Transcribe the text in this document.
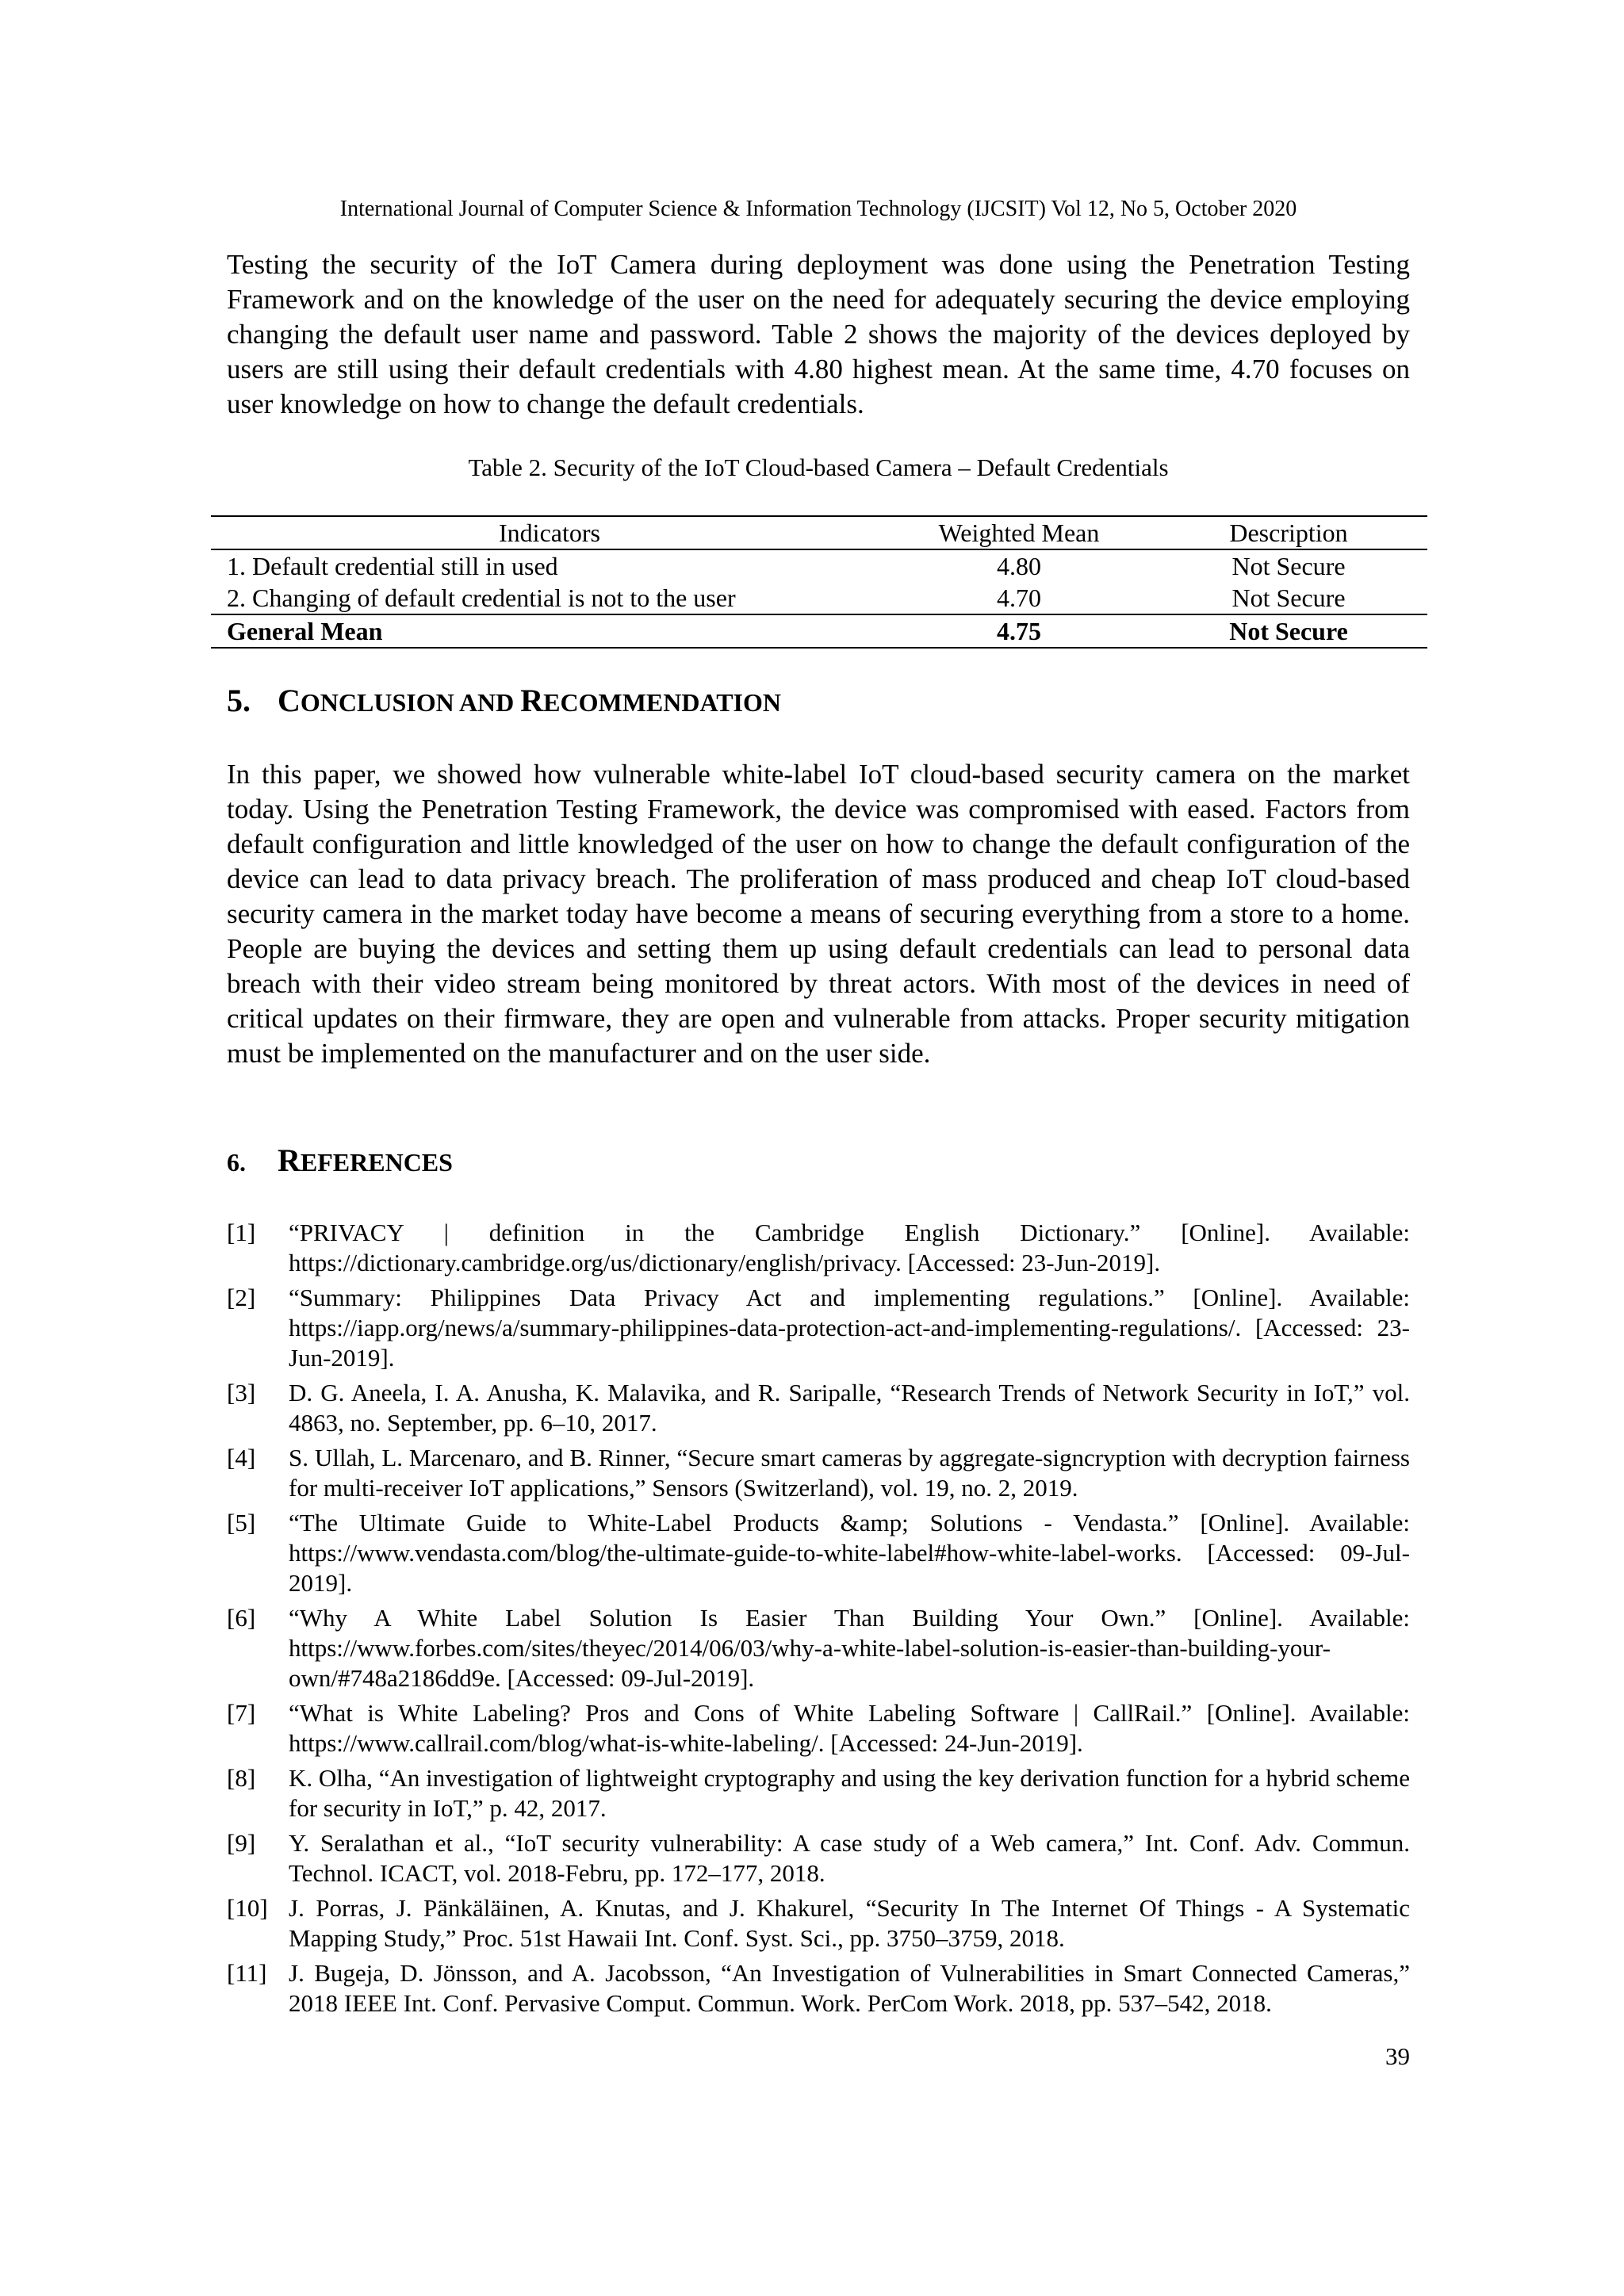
International Journal of Computer Science & Information Technology (IJCSIT) Vol 12, No 5, October 2020

Testing the security of the IoT Camera during deployment was done using the Penetration Testing Framework and on the knowledge of the user on the need for adequately securing the device employing changing the default user name and password. Table 2 shows the majority of the devices deployed by users are still using their default credentials with 4.80 highest mean. At the same time, 4.70 focuses on user knowledge on how to change the default credentials.

Table 2. Security of the IoT Cloud-based Camera – Default Credentials
Indicators	Weighted Mean	Description
1. Default credential still in used	4.80	Not Secure
2. Changing of default credential is not to the user	4.70	Not Secure
General Mean	4.75	Not Secure
5. CONCLUSION AND RECOMMENDATION

In this paper, we showed how vulnerable white-label IoT cloud-based security camera on the market today. Using the Penetration Testing Framework, the device was compromised with eased. Factors from default configuration and little knowledged of the user on how to change the default configuration of the device can lead to data privacy breach. The proliferation of mass produced and cheap IoT cloud-based security camera in the market today have become a means of securing everything from a store to a home. People are buying the devices and setting them up using default credentials can lead to personal data breach with their video stream being monitored by threat actors. With most of the devices in need of critical updates on their firmware, they are open and vulnerable from attacks. Proper security mitigation must be implemented on the manufacturer and on the user side.

6. REFERENCES
[1]	“PRIVACY | definition in the Cambridge English Dictionary.” [Online]. Available: https://dictionary.cambridge.org/us/dictionary/english/privacy. [Accessed: 23-Jun-2019].
[2]	“Summary: Philippines Data Privacy Act and implementing regulations.” [Online]. Available: https://iapp.org/news/a/summary-philippines-data-protection-act-and-implementing-regulations/. [Accessed: 23-Jun-2019].
[3]	D. G. Aneela, I. A. Anusha, K. Malavika, and R. Saripalle, “Research Trends of Network Security in IoT,” vol. 4863, no. September, pp. 6–10, 2017.
[4]	S. Ullah, L. Marcenaro, and B. Rinner, “Secure smart cameras by aggregate-signcryption with decryption fairness for multi-receiver IoT applications,” Sensors (Switzerland), vol. 19, no. 2, 2019.
[5]	“The Ultimate Guide to White-Label Products &amp; Solutions - Vendasta.” [Online]. Available: https://www.vendasta.com/blog/the-ultimate-guide-to-white-label#how-white-label-works. [Accessed: 09-Jul-2019].
[6]	“Why A White Label Solution Is Easier Than Building Your Own.” [Online]. Available: https://www.forbes.com/sites/theyec/2014/06/03/why-a-white-label-solution-is-easier-than-building-your-own/#748a2186dd9e. [Accessed: 09-Jul-2019].
[7]	“What is White Labeling? Pros and Cons of White Labeling Software | CallRail.” [Online]. Available: https://www.callrail.com/blog/what-is-white-labeling/. [Accessed: 24-Jun-2019].
[8]	K. Olha, “An investigation of lightweight cryptography and using the key derivation function for a hybrid scheme for security in IoT,” p. 42, 2017.
[9]	Y. Seralathan et al., “IoT security vulnerability: A case study of a Web camera,” Int. Conf. Adv. Commun. Technol. ICACT, vol. 2018-Febru, pp. 172–177, 2018.
[10] J. Porras, J. Pänkäläinen, A. Knutas, and J. Khakurel, “Security In The Internet Of Things - A Systematic Mapping Study,” Proc. 51st Hawaii Int. Conf. Syst. Sci., pp. 3750–3759, 2018.
[11] J. Bugeja, D. Jönsson, and A. Jacobsson, “An Investigation of Vulnerabilities in Smart Connected Cameras,” 2018 IEEE Int. Conf. Pervasive Comput. Commun. Work. PerCom Work. 2018, pp. 537–542, 2018.
39
